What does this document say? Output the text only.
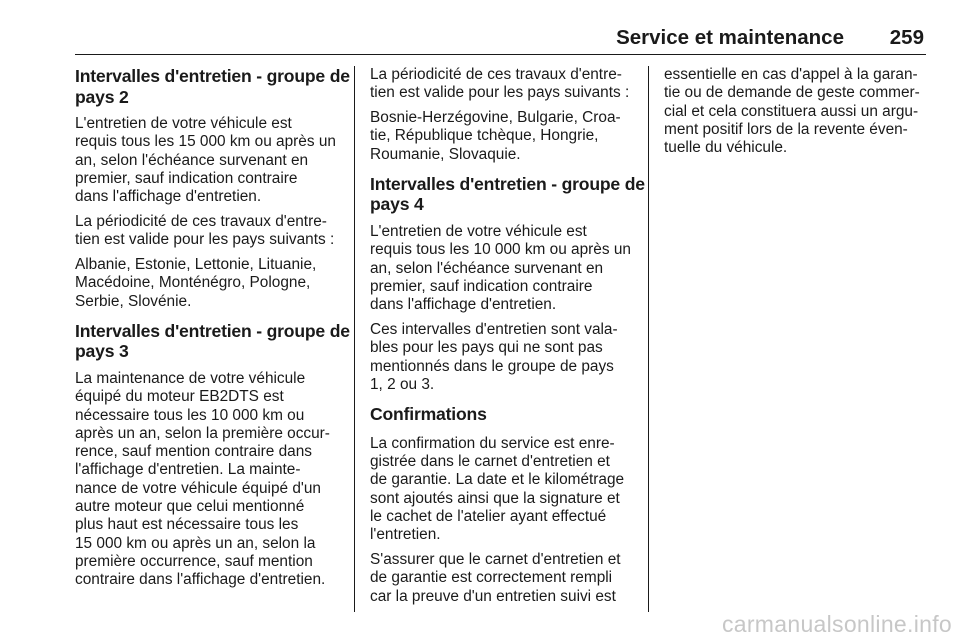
Service et maintenance 259
Intervalles d'entretien - groupe de
pays 2

L'entretien de votre véhicule est
requis tous les 15 000 km ou après un
an, selon l'échéance survenant en
premier, sauf indication contraire
dans l'affichage d'entretien.

La périodicité de ces travaux d'entre-
tien est valide pour les pays suivants :

Albanie, Estonie, Lettonie, Lituanie,
Macédoine, Monténégro, Pologne,
Serbie, Slovénie.

Intervalles d'entretien - groupe de
pays 3

La maintenance de votre véhicule
équipé du moteur EB2DTS est
nécessaire tous les 10 000 km ou
après un an, selon la première occur-
rence, sauf mention contraire dans
l'affichage d'entretien. La mainte-
nance de votre véhicule équipé d'un
autre moteur que celui mentionné
plus haut est nécessaire tous les
15 000 km ou après un an, selon la
première occurrence, sauf mention
contraire dans l'affichage d'entretien.

La périodicité de ces travaux d'entre-
tien est valide pour les pays suivants :

Bosnie-Herzégovine, Bulgarie, Croa-
tie, République tchèque, Hongrie,
Roumanie, Slovaquie.

Intervalles d'entretien - groupe de
pays 4

L'entretien de votre véhicule est
requis tous les 10 000 km ou après un
an, selon l'échéance survenant en
premier, sauf indication contraire
dans l'affichage d'entretien.

Ces intervalles d'entretien sont vala-
bles pour les pays qui ne sont pas
mentionnés dans le groupe de pays
1, 2 ou 3.

Confirmations

La confirmation du service est enre-
gistrée dans le carnet d'entretien et
de garantie. La date et le kilométrage
sont ajoutés ainsi que la signature et
le cachet de l'atelier ayant effectué
l'entretien.

S'assurer que le carnet d'entretien et
de garantie est correctement rempli
car la preuve d'un entretien suivi est

essentielle en cas d'appel à la garan-
tie ou de demande de geste commer-
cial et cela constituera aussi un argu-
ment positif lors de la revente éven-
tuelle du véhicule.

carmanualsonline.info
